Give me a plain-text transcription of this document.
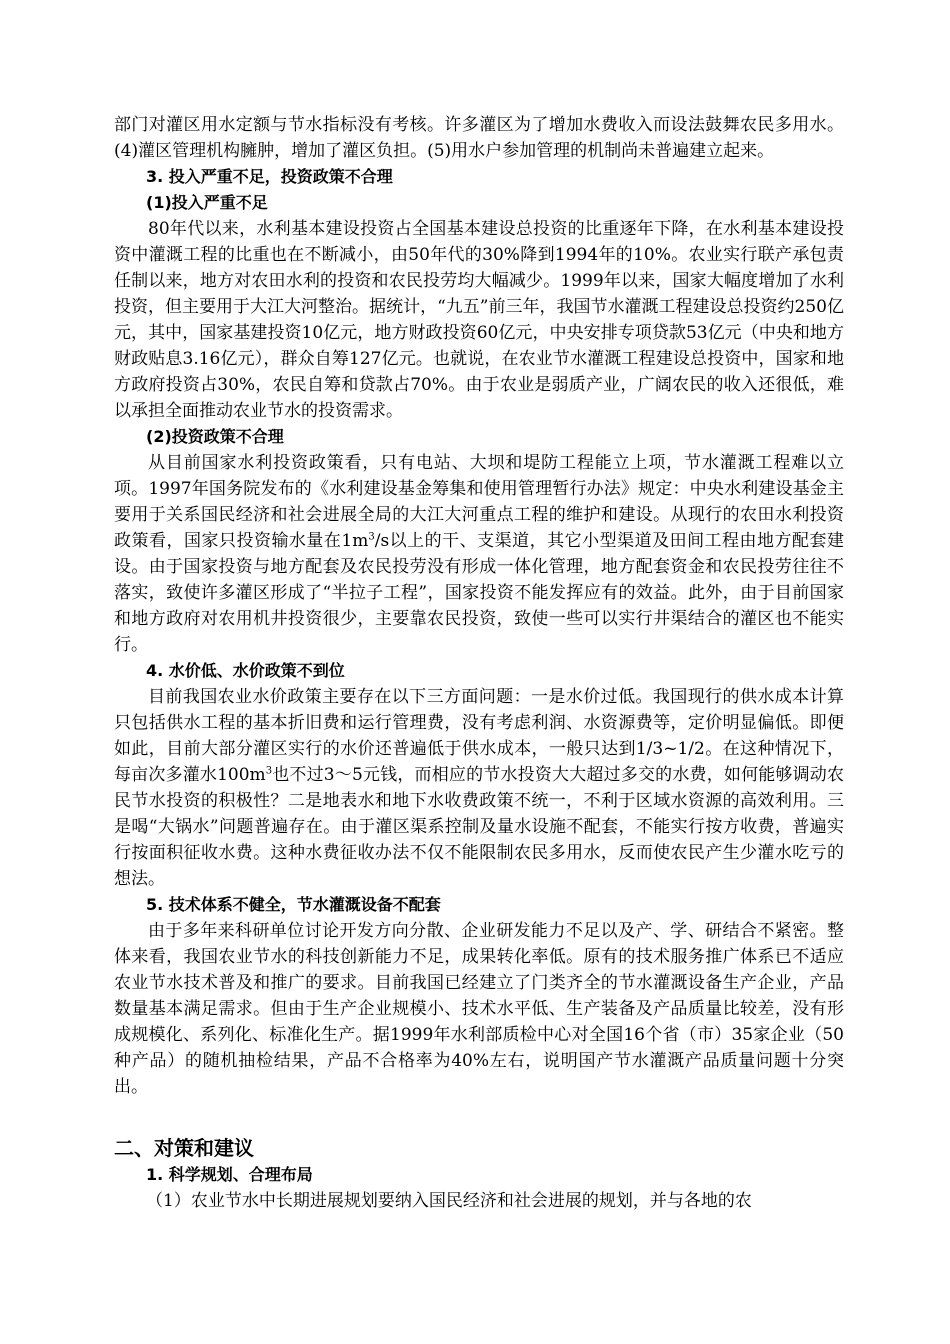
部门对灌区用水定额与节水指标没有考核。许多灌区为了增加水费收入而设法鼓舞农民多用水。(4)灌区管理机构臃肿，增加了灌区负担。(5)用水户参加管理的机制尚未普遍建立起来。

3. 投入严重不足，投资政策不合理

(1)投入严重不足

80年代以来，水利基本建设投资占全国基本建设总投资的比重逐年下降，在水利基本建设投资中灌溉工程的比重也在不断减小，由50年代的30%降到1994年的10%。农业实行联产承包责任制以来，地方对农田水利的投资和农民投劳均大幅减少。1999年以来，国家大幅度增加了水利投资，但主要用于大江大河整治。据统计，“九五”前三年，我国节水灌溉工程建设总投资约250亿元，其中，国家基建投资10亿元，地方财政投资60亿元，中央安排专项贷款53亿元（中央和地方财政贴息3.16亿元），群众自筹127亿元。也就说，在农业节水灌溉工程建设总投资中，国家和地方政府投资占30%，农民自筹和贷款占70%。由于农业是弱质产业，广阔农民的收入还很低，难以承担全面推动农业节水的投资需求。

(2)投资政策不合理

从目前国家水利投资政策看，只有电站、大坝和堤防工程能立上项，节水灌溉工程难以立项。1997年国务院发布的《水利建设基金筹集和使用管理暂行办法》规定：中央水利建设基金主要用于关系国民经济和社会进展全局的大江大河重点工程的维护和建设。从现行的农田水利投资政策看，国家只投资输水量在$1m^3/s$以上的干、支渠道，其它小型渠道及田间工程由地方配套建设。由于国家投资与地方配套及农民投劳没有形成一体化管理，地方配套资金和农民投劳往往不落实，致使许多灌区形成了“半拉子工程”，国家投资不能发挥应有的效益。此外，由于目前国家和地方政府对农用机井投资很少，主要靠农民投资，致使一些可以实行井渠结合的灌区也不能实行。

4. 水价低、水价政策不到位

目前我国农业水价政策主要存在以下三方面问题：一是水价过低。我国现行的供水成本计算只包括供水工程的基本折旧费和运行管理费，没有考虑利润、水资源费等，定价明显偏低。即便如此，目前大部分灌区实行的水价还普遍低于供水成本，一般只达到1/3~1/2。在这种情况下，每亩次多灌水$100m^3$也不过3～5元钱，而相应的节水投资大大超过多交的水费，如何能够调动农民节水投资的积极性？二是地表水和地下水收费政策不统一，不利于区域水资源的高效利用。三是喝“大锅水”问题普遍存在。由于灌区渠系控制及量水设施不配套，不能实行按方收费，普遍实行按面积征收水费。这种水费征收办法不仅不能限制农民多用水，反而使农民产生少灌水吃亏的想法。

5. 技术体系不健全，节水灌溉设备不配套

由于多年来科研单位讨论开发方向分散、企业研发能力不足以及产、学、研结合不紧密。整体来看，我国农业节水的科技创新能力不足，成果转化率低。原有的技术服务推广体系已不适应农业节水技术普及和推广的要求。目前我国已经建立了门类齐全的节水灌溉设备生产企业，产品数量基本满足需求。但由于生产企业规模小、技术水平低、生产装备及产品质量比较差，没有形成规模化、系列化、标准化生产。据1999年水利部质检中心对全国16个省（市）35家企业（50种产品）的随机抽检结果，产品不合格率为40%左右，说明国产节水灌溉产品质量问题十分突出。

二、对策和建议

1. 科学规划、合理布局

（1）农业节水中长期进展规划要纳入国民经济和社会进展的规划，并与各地的农
